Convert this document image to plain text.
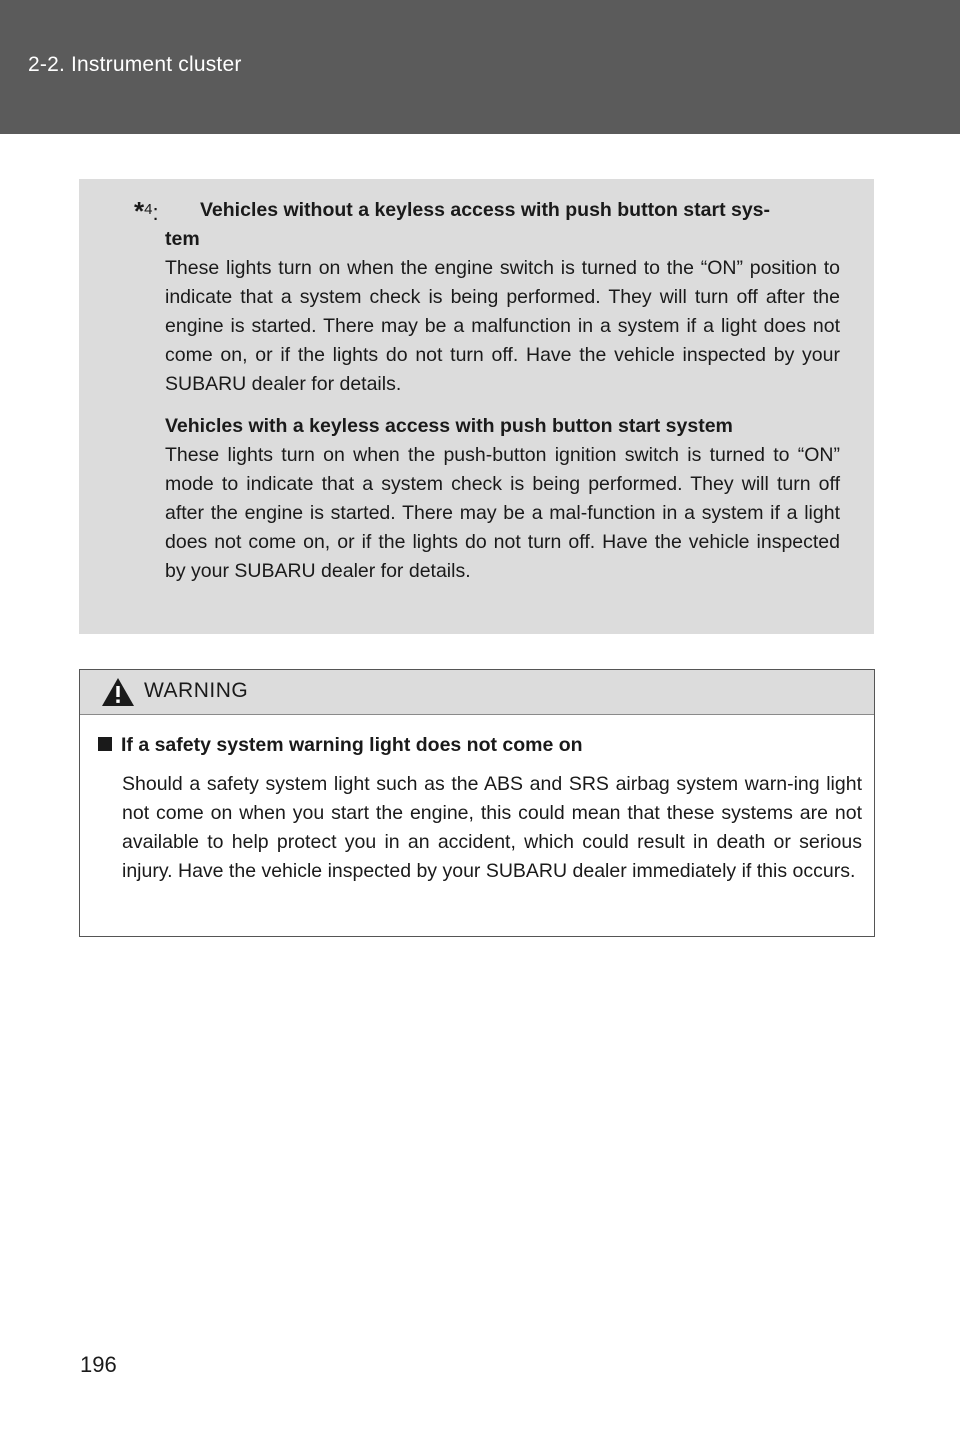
2-2. Instrument cluster
*$^4$:	Vehicles without a keyless access with push button start sys-

tem

These lights turn on when the engine switch is turned to the “ON” position to indicate that a system check is being performed. They will turn off after the engine is started. There may be a malfunction in a system if a light does not come on, or if the lights do not turn off. Have the vehicle inspected by your SUBARU dealer for details.

Vehicles with a keyless access with push button start system

These lights turn on when the push-button ignition switch is turned to “ON” mode to indicate that a system check is being performed. They will turn off after the engine is started. There may be a mal-function in a system if a light does not come on, or if the lights do not turn off. Have the vehicle inspected by your SUBARU dealer for details.

WARNING
If a safety system warning light does not come on

Should a safety system light such as the ABS and SRS airbag system warn-ing light not come on when you start the engine, this could mean that these systems are not available to help protect you in an accident, which could result in death or serious injury. Have the vehicle inspected by your SUBARU dealer immediately if this occurs.

196
